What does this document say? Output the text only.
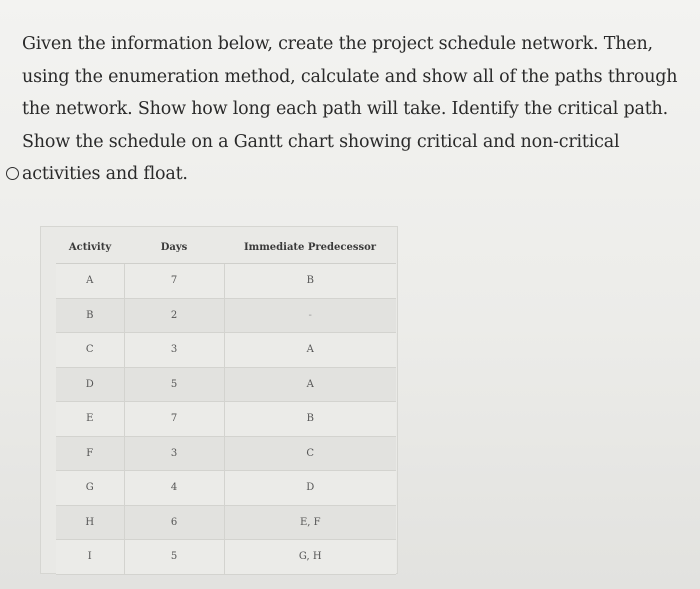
Given the information below, create the project schedule network. Then, using the enumeration method, calculate and show all of the paths through the network. Show how long each path will take. Identify the critical path. Show the schedule on a Gantt chart showing critical and non-critical activities and float.

Activity	Days	Immediate Predecessor
A	7	B
B	2	-
C	3	A
D	5	A
E	7	B
F	3	C
G	4	D
H	6	E, F
I	5	G, H
